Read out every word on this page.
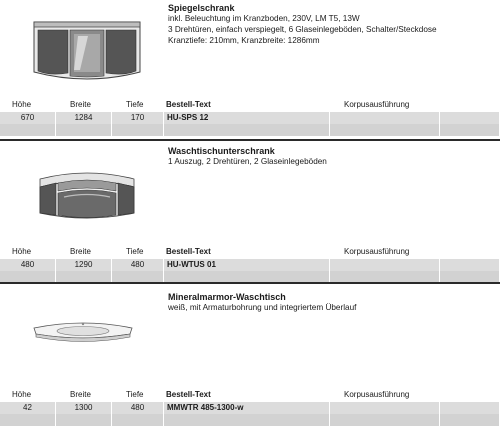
Spiegelschrank
inkl. Beleuchtung im Kranzboden, 230V, LM T5, 13W
3 Drehtüren, einfach verspiegelt, 6 Glaseinlegeböden, Schalter/Steckdose
Kranztiefe: 210mm, Kranzbreite: 1286mm
Höhe	Breite	Tiefe	Bestell-Text	Korpusausführung
670	1284	170	HU-SPS 12
Waschtischunterschrank
1 Auszug, 2 Drehtüren, 2 Glaseinlegeböden
Höhe	Breite	Tiefe	Bestell-Text	Korpusausführung
480	1290	480	HU-WTUS 01
Mineralmarmor-Waschtisch
weiß, mit Armaturbohrung und integriertem Überlauf
Höhe	Breite	Tiefe	Bestell-Text	Korpusausführung
42	1300	480	MMWTR 485-1300-w
